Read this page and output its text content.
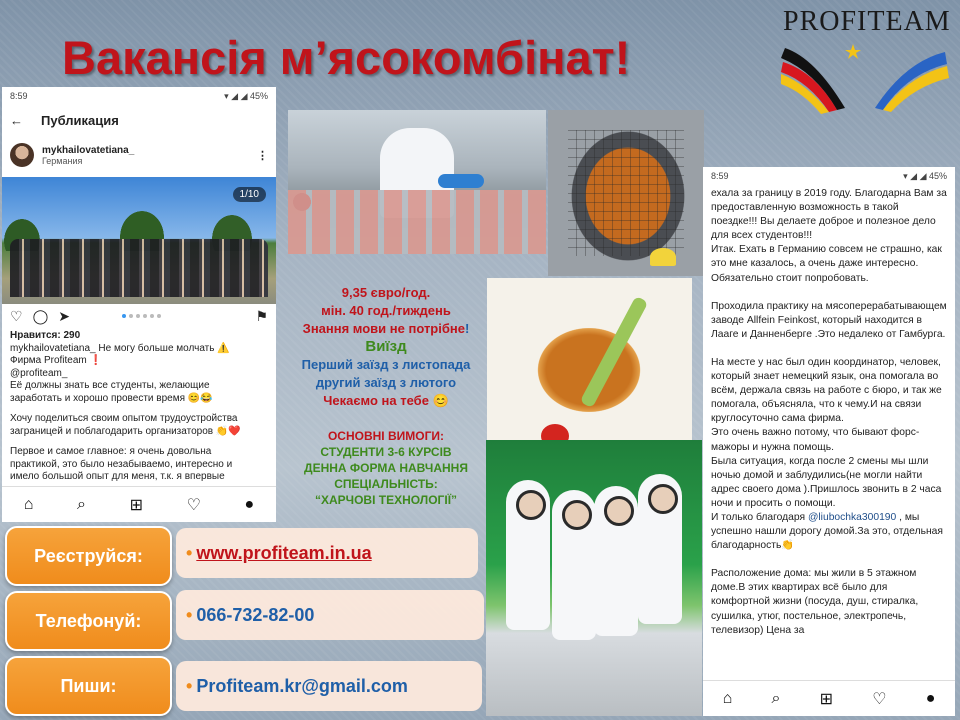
Вакансія м’ясокомбінат!
PROFITEAM
8:59	▾ ◢ ◢ 45%
← Публикация
mykhailovatetiana_
Германия	⋮
1/10
♡ ◯ ➤	⚑
Нравится: 290
mykhailovatetiana_ Не могу больше молчать ⚠️
Фирма Profiteam ❗
@profiteam_
Её должны знать все студенты, желающие
заработать и хорошо провести время 😊😂
Хочу поделиться своим опытом трудоустройства
заграницей и поблагодарить организаторов 👏❤️
Первое и самое главное: я очень довольна
практикой, это было незабываемо, интересно и
имело большой опыт для меня, т.к. я впервые
⌂	⌕	⊞	♡	●
9,35 євро/год.
мін. 40 год./тиждень
Знання мови не потрібне!
Виїзд
Перший заїзд з листопада
другий заїзд з лютого
Чекаємо на тебе 😊
ОСНОВНІ ВИМОГИ:
СТУДЕНТИ 3-6 КУРСІВ
ДЕННА ФОРМА НАВЧАННЯ
СПЕЦІАЛЬНІСТЬ:
“ХАРЧОВІ ТЕХНОЛОГІЇ”
8:59	▾ ◢ ◢ 45%

ехала за границу в 2019 году. Благодарна Вам за предоставленную возможность в такой поездке!!! Вы делаете доброе и полезное дело для всех студентов!!!
Итак. Ехать в Германию совсем не страшно, как это мне казалось, а очень даже интересно. Обязательно стоит попробовать.

Проходила практику на мясоперерабатывающем заводе Allfein Feinkost, который находится в Лааге и Данненберге .Это недалеко от Гамбурга.

На месте у нас был один координатор, человек, который знает немецкий язык, она помогала во всём, держала связь на работе с бюро, и так же помогала, объясняла, что к чему.И на связи круглосуточно сама фирма.
Это очень важно потому, что бывают форс-мажоры и нужна помощь.
Была ситуация, когда после 2 смены мы шли ночью домой и заблудились(не могли найти адрес своего дома ).Пришлось звонить в 2 часа ночи и просить о помощи.

И только благодаря @liubochka300190 , мы успешно нашли дорогу домой.За это, отдельная благодарность👏

Расположение дома: мы жили в 5 этажном доме.В этих квартирах всё было для комфортной жизни (посуда, душ, стиралка, сушилка, утюг, постельное, электропечь, телевизор) Цена за

⌂ ⌕ ⊞ ♡ ●
Реєструйся:	• www.profiteam.in.ua
Телефонуй:	• 066-732-82-00
Пиши:	• Profiteam.kr@gmail.com
